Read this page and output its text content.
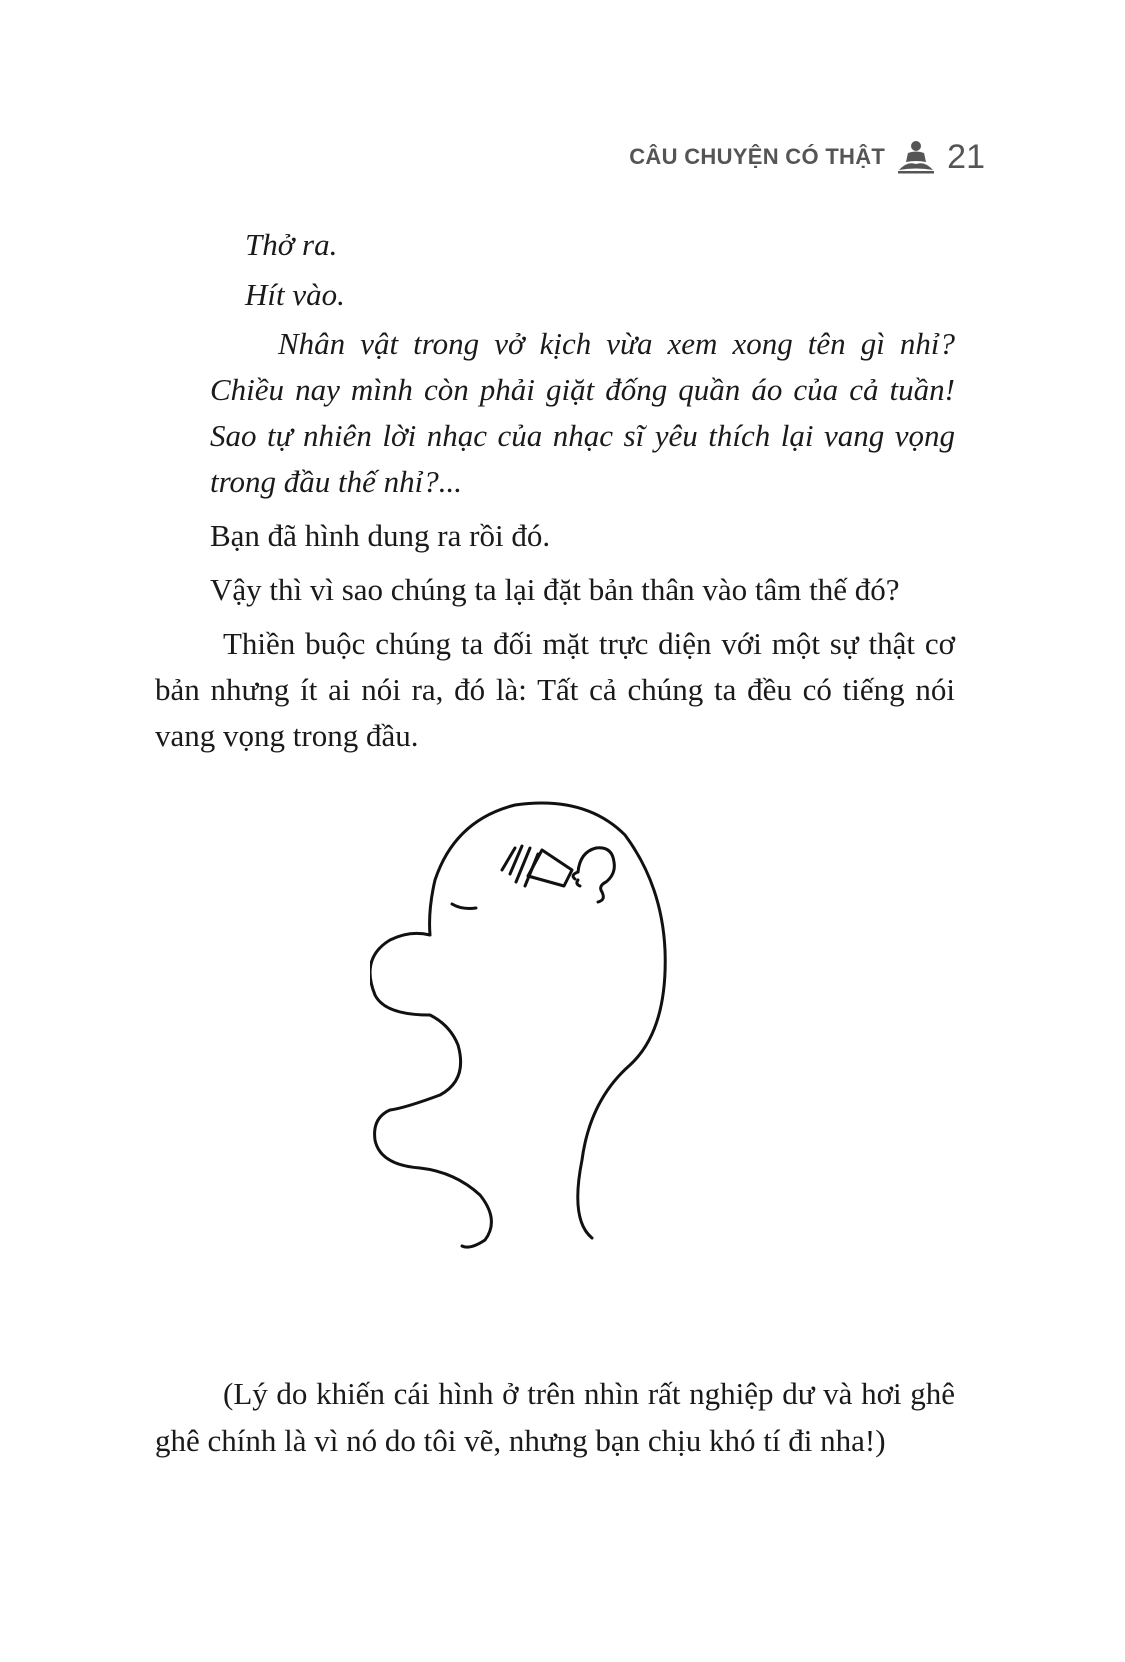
CÂU CHUYỆN CÓ THẬT 21

Thở ra.

Hít vào.

Nhân vật trong vở kịch vừa xem xong tên gì nhỉ? Chiều nay mình còn phải giặt đống quần áo của cả tuần! Sao tự nhiên lời nhạc của nhạc sĩ yêu thích lại vang vọng trong đầu thế nhỉ?...

Bạn đã hình dung ra rồi đó.

Vậy thì vì sao chúng ta lại đặt bản thân vào tâm thế đó?

Thiền buộc chúng ta đối mặt trực diện với một sự thật cơ bản nhưng ít ai nói ra, đó là: Tất cả chúng ta đều có tiếng nói vang vọng trong đầu.

(Lý do khiến cái hình ở trên nhìn rất nghiệp dư và hơi ghê ghê chính là vì nó do tôi vẽ, nhưng bạn chịu khó tí đi nha!)
